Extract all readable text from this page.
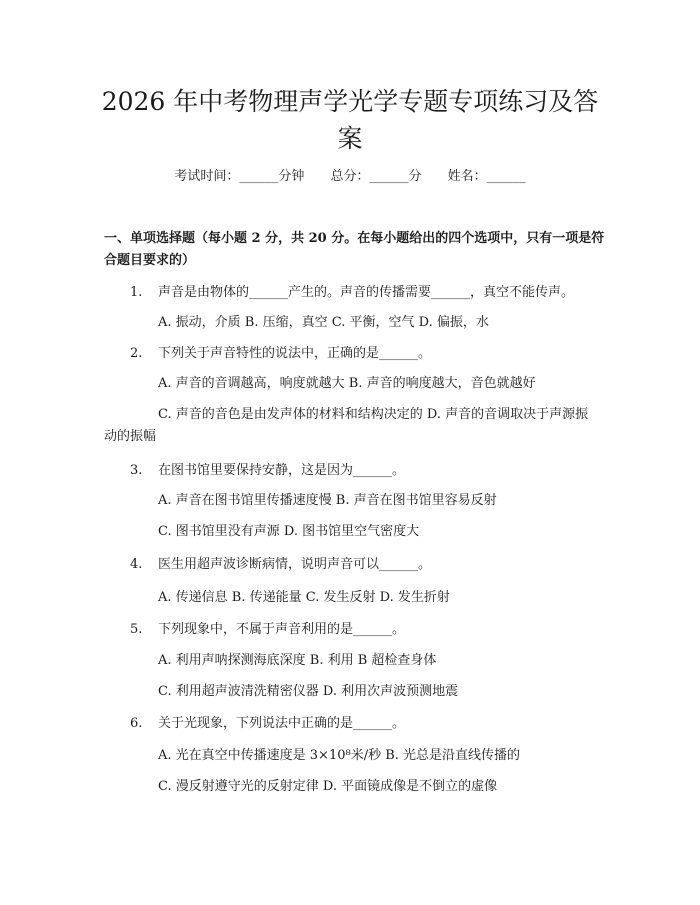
2026 年中考物理声学光学专题专项练习及答
案
考试时间：______分钟 总分：______分 姓名：______

一、单项选择题（每小题 2 分，共 20 分。在每小题给出的四个选项中，只有一项是符合题目要求的）

1. 声音是由物体的______产生的。声音的传播需要______，真空不能传声。
A. 振动，介质 B. 压缩，真空 C. 平衡，空气 D. 偏振，水
2. 下列关于声音特性的说法中，正确的是______。
A. 声音的音调越高，响度就越大 B. 声音的响度越大，音色就越好
C. 声音的音色是由发声体的材料和结构决定的 D. 声音的音调取决于声源振动的振幅
3. 在图书馆里要保持安静，这是因为______。
A. 声音在图书馆里传播速度慢 B. 声音在图书馆里容易反射
C. 图书馆里没有声源 D. 图书馆里空气密度大
4. 医生用超声波诊断病情，说明声音可以______。
A. 传递信息 B. 传递能量 C. 发生反射 D. 发生折射
5. 下列现象中，不属于声音利用的是______。
A. 利用声呐探测海底深度 B. 利用 B 超检查身体
C. 利用超声波清洗精密仪器 D. 利用次声波预测地震
6. 关于光现象，下列说法中正确的是______。
A. 光在真空中传播速度是 3×10⁸米/秒 B. 光总是沿直线传播的
C. 漫反射遵守光的反射定律 D. 平面镜成像是不倒立的虚像
